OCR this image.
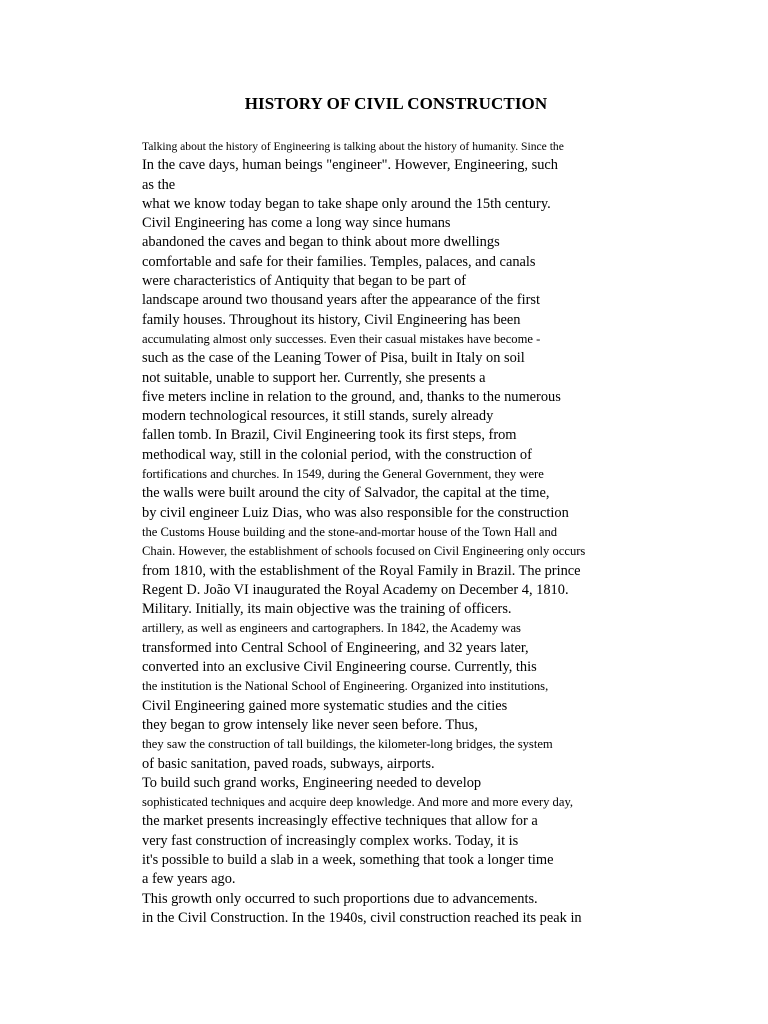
HISTORY OF CIVIL CONSTRUCTION
Talking about the history of Engineering is talking about the history of humanity. Since the
In the cave days, human beings "engineer". However, Engineering, such
as the
what we know today began to take shape only around the 15th century.
Civil Engineering has come a long way since humans
abandoned the caves and began to think about more dwellings
comfortable and safe for their families. Temples, palaces, and canals
were characteristics of Antiquity that began to be part of
landscape around two thousand years after the appearance of the first
family houses. Throughout its history, Civil Engineering has been
accumulating almost only successes. Even their casual mistakes have become -
such as the case of the Leaning Tower of Pisa, built in Italy on soil
not suitable, unable to support her. Currently, she presents a
five meters incline in relation to the ground, and, thanks to the numerous
modern technological resources, it still stands, surely already
fallen tomb. In Brazil, Civil Engineering took its first steps, from
methodical way, still in the colonial period, with the construction of
fortifications and churches. In 1549, during the General Government, they were
the walls were built around the city of Salvador, the capital at the time,
by civil engineer Luiz Dias, who was also responsible for the construction
the Customs House building and the stone-and-mortar house of the Town Hall and
Chain. However, the establishment of schools focused on Civil Engineering only occurs
from 1810, with the establishment of the Royal Family in Brazil. The prince
Regent D. João VI inaugurated the Royal Academy on December 4, 1810.
Military. Initially, its main objective was the training of officers.
artillery, as well as engineers and cartographers. In 1842, the Academy was
transformed into Central School of Engineering, and 32 years later,
converted into an exclusive Civil Engineering course. Currently, this
the institution is the National School of Engineering. Organized into institutions,
Civil Engineering gained more systematic studies and the cities
they began to grow intensely like never seen before. Thus,
they saw the construction of tall buildings, the kilometer-long bridges, the system
of basic sanitation, paved roads, subways, airports.
To build such grand works, Engineering needed to develop
sophisticated techniques and acquire deep knowledge. And more and more every day,
the market presents increasingly effective techniques that allow for a
very fast construction of increasingly complex works. Today, it is
it's possible to build a slab in a week, something that took a longer time
a few years ago.
This growth only occurred to such proportions due to advancements.
in the Civil Construction. In the 1940s, civil construction reached its peak in
